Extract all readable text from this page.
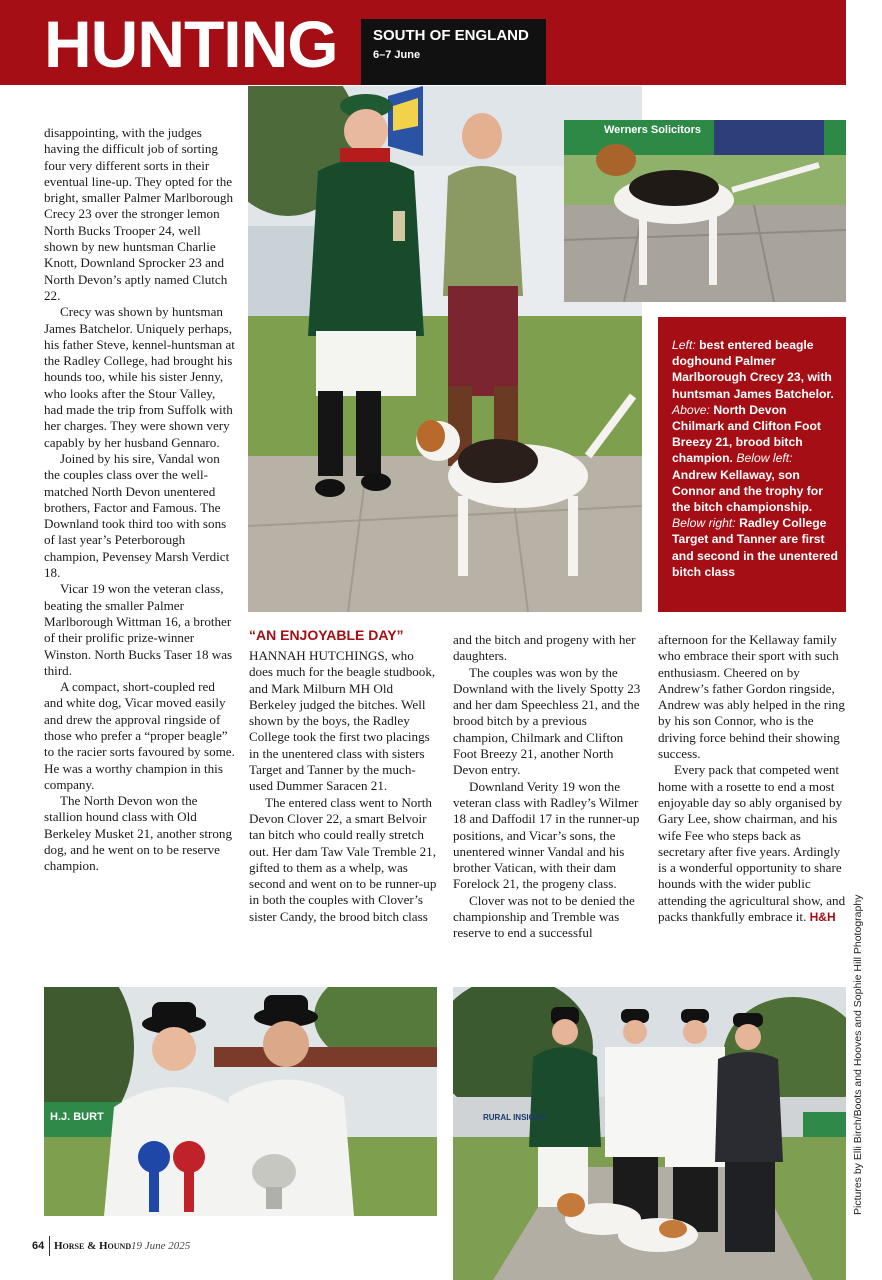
HUNTING SOUTH OF ENGLAND
6–7 June
Werners Solicitors
Left: best entered beagle doghound Palmer Marlborough Crecy 23, with huntsman James Batchelor. Above: North Devon Chilmark and Clifton Foot Breezy 21, brood bitch champion. Below left: Andrew Kellaway, son Connor and the trophy for the bitch championship. Below right: Radley College Target and Tanner are first and second in the unentered bitch class

disappointing, with the judges having the difficult job of sorting four very different sorts in their eventual line-up. They opted for the bright, smaller Palmer Marlborough Crecy 23 over the stronger lemon North Bucks Trooper 24, well shown by new huntsman Charlie Knott, Downland Sprocker 23 and North Devon’s aptly named Clutch 22.

Crecy was shown by huntsman James Batchelor. Uniquely perhaps, his father Steve, kennel-huntsman at the Radley College, had brought his hounds too, while his sister Jenny, who looks after the Stour Valley, had made the trip from Suffolk with her charges. They were shown very capably by her husband Gennaro.

Joined by his sire, Vandal won the couples class over the well-matched North Devon unentered brothers, Factor and Famous. The Downland took third too with sons of last year’s Peterborough champion, Pevensey Marsh Verdict 18.

Vicar 19 won the veteran class, beating the smaller Palmer Marlborough Wittman 16, a brother of their prolific prize-winner Winston. North Bucks Taser 18 was third.

A compact, short-coupled red and white dog, Vicar moved easily and drew the approval ringside of those who prefer a “proper beagle” to the racier sorts favoured by some. He was a worthy champion in this company.

The North Devon won the stallion hound class with Old Berkeley Musket 21, another strong dog, and he went on to be reserve champion.

“AN ENJOYABLE DAY”

HANNAH HUTCHINGS, who does much for the beagle studbook, and Mark Milburn MH Old Berkeley judged the bitches. Well shown by the boys, the Radley College took the first two placings in the unentered class with sisters Target and Tanner by the much-used Dummer Saracen 21.

The entered class went to North Devon Clover 22, a smart Belvoir tan bitch who could really stretch out. Her dam Taw Vale Tremble 21, gifted to them as a whelp, was second and went on to be runner-up in both the couples with Clover’s sister Candy, the brood bitch class

and the bitch and progeny with her daughters.

The couples was won by the Downland with the lively Spotty 23 and her dam Speechless 21, and the brood bitch by a previous champion, Chilmark and Clifton Foot Breezy 21, another North Devon entry.

Downland Verity 19 won the veteran class with Radley’s Wilmer 18 and Daffodil 17 in the runner-up positions, and Vicar’s sons, the unentered winner Vandal and his brother Vatican, with their dam Forelock 21, the progeny class.

Clover was not to be denied the championship and Tremble was reserve to end a successful

afternoon for the Kellaway family who embrace their sport with such enthusiasm. Cheered on by Andrew’s father Gordon ringside, Andrew was ably helped in the ring by his son Connor, who is the driving force behind their showing success.

Every pack that competed went home with a rosette to end a most enjoyable day so ably organised by Gary Lee, show chairman, and his wife Fee who steps back as secretary after five years. Ardingly is a wonderful opportunity to share hounds with the wider public attending the agricultural show, and packs thankfully embrace it. H&H

H.J. BURT	RURAL INSIGHT	Pictures by Elli Birch/Boots and Hooves and Sophie Hill Photography
64 Horse & Hound 19 June 2025
